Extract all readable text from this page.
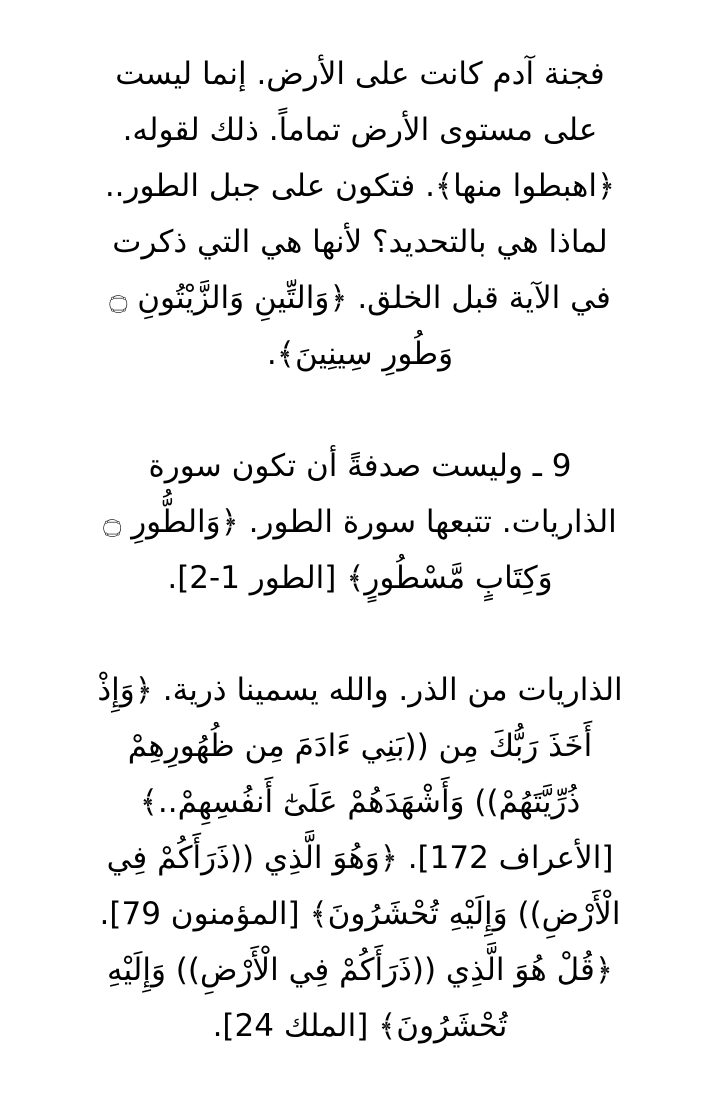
فجنة آدم كانت على الأرض. إنما ليست
على مستوى الأرض تماماً. ذلك لقوله.
﴿اهبطوا منها﴾. فتكون على جبل الطور..
لماذا هي بالتحديد؟ لأنها هي التي ذكرت
في الآية قبل الخلق. ﴿وَالتِّينِ وَالزَّيْتُونِ ۝
وَطُورِ سِينِينَ﴾.

9 ـ وليست صدفةً أن تكون سورة
الذاريات. تتبعها سورة الطور. ﴿وَالطُّورِ ۝
وَكِتَابٍ مَّسْطُورٍ﴾ [الطور 1-2].

الذاريات من الذر. والله يسمينا ذرية. ﴿وَإِذْ
أَخَذَ رَبُّكَ مِن ((بَنِي ءَادَمَ مِن ظُهُورِهِمْ
ذُرِّيَّتَهُمْ)) وَأَشْهَدَهُمْ عَلَىٰٓ أَنفُسِهِمْ..﴾
[الأعراف 172]. ﴿وَهُوَ الَّذِي ((ذَرَأَكُمْ فِي
الْأَرْضِ)) وَإِلَيْهِ تُحْشَرُونَ﴾ [المؤمنون 79].
﴿قُلْ هُوَ الَّذِي ((ذَرَأَكُمْ فِي الْأَرْضِ)) وَإِلَيْهِ
تُحْشَرُونَ﴾ [الملك 24].
